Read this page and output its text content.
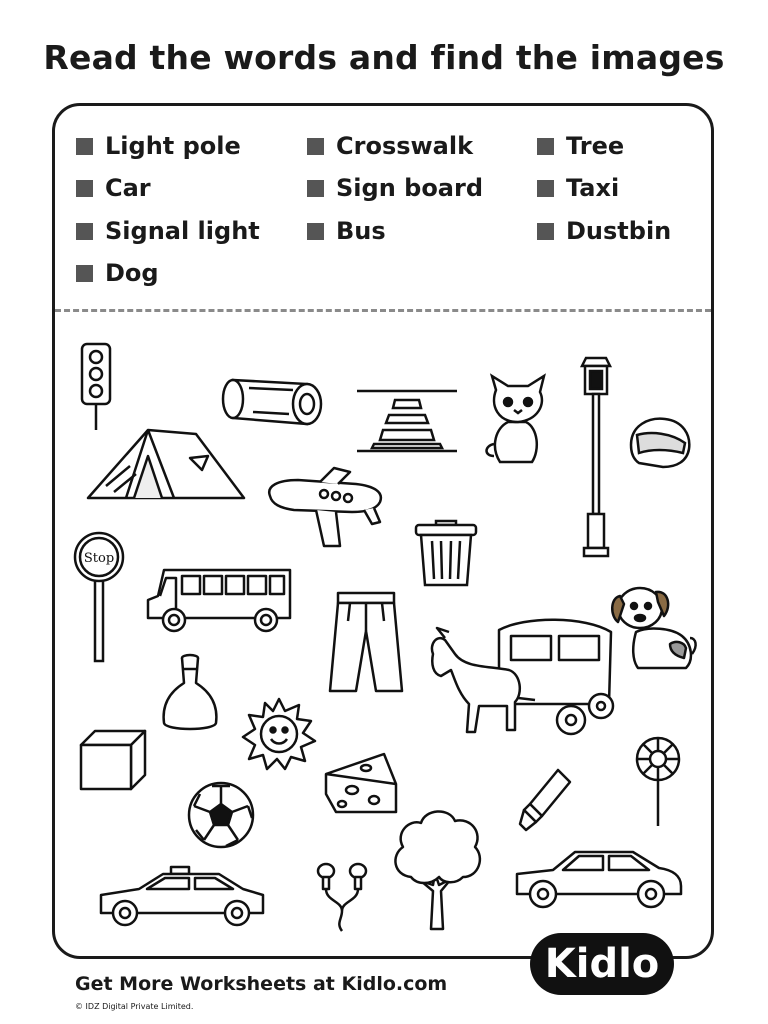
Read the words and find the images
Light pole	Crosswalk	Tree
Car	Sign board	Taxi
Signal light	Bus	Dustbin
Dog
Stop
Get More Worksheets at Kidlo.com
© IDZ Digital Private Limited.
Kidlo
